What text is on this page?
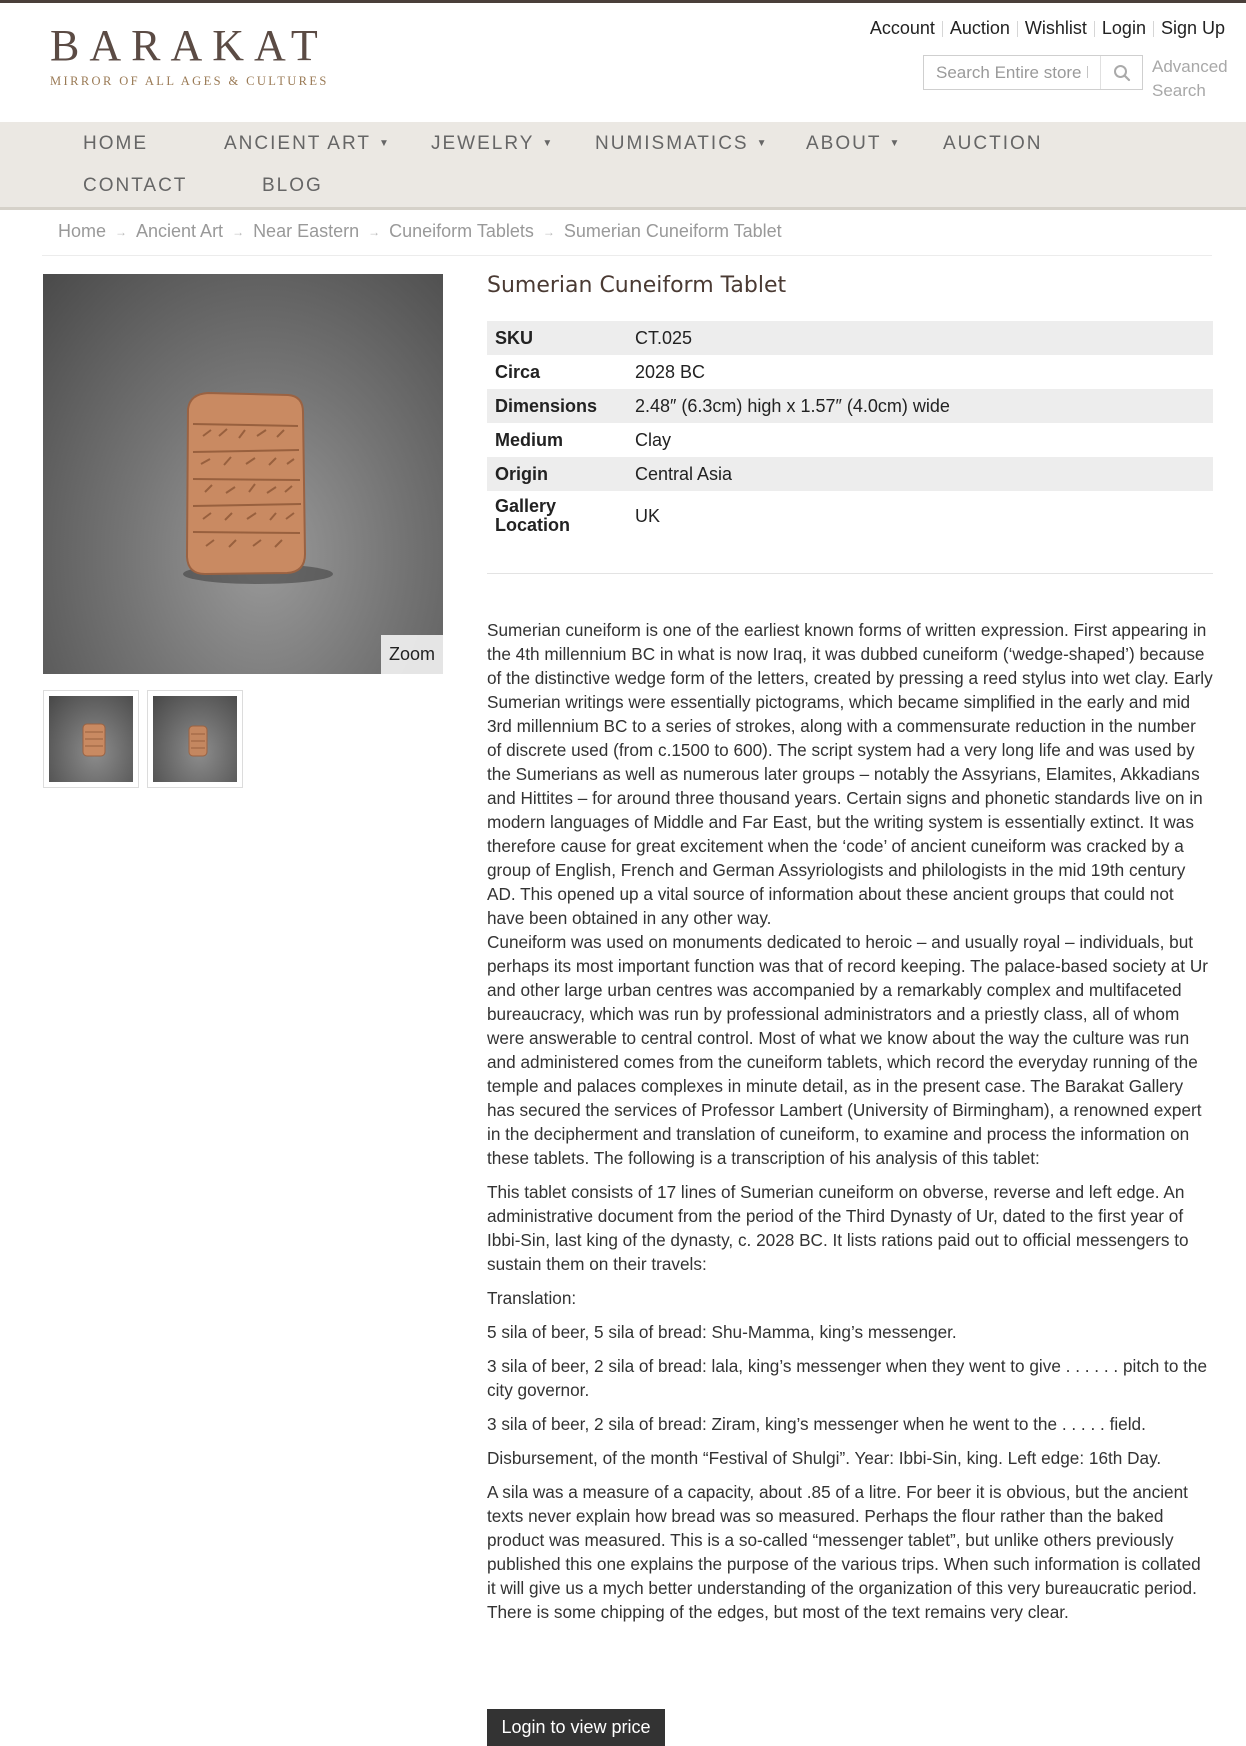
BARAKAT
MIRROR OF ALL AGES & CULTURES
Account Auction Wishlist Login Sign Up
Search Entire store here...
Advanced
Search
HOME	ANCIENT ART ▼ JEWELRY ▼ NUMISMATICS ▼ ABOUT ▼ AUCTION
CONTACT	BLOG
Home → Ancient Art → Near Eastern → Cuneiform Tablets → Sumerian Cuneiform Tablet
Zoom
Sumerian Cuneiform Tablet
SKU	CT.025
Circa	2028 BC
Dimensions	2.48″ (6.3cm) high x 1.57″ (4.0cm) wide
Medium	Clay
Origin	Central Asia
Gallery Location	UK

Sumerian cuneiform is one of the earliest known forms of written expression. First appearing in the 4th millennium BC in what is now Iraq, it was dubbed cuneiform (‘wedge-shaped’) because of the distinctive wedge form of the letters, created by pressing a reed stylus into wet clay. Early Sumerian writings were essentially pictograms, which became simplified in the early and mid 3rd millennium BC to a series of strokes, along with a commensurate reduction in the number of discrete used (from c.1500 to 600). The script system had a very long life and was used by the Sumerians as well as numerous later groups – notably the Assyrians, Elamites, Akkadians and Hittites – for around three thousand years. Certain signs and phonetic standards live on in modern languages of Middle and Far East, but the writing system is essentially extinct. It was therefore cause for great excitement when the ‘code’ of ancient cuneiform was cracked by a group of English, French and German Assyriologists and philologists in the mid 19th century AD. This opened up a vital source of information about these ancient groups that could not have been obtained in any other way.

Cuneiform was used on monuments dedicated to heroic – and usually royal – individuals, but perhaps its most important function was that of record keeping. The palace-based society at Ur and other large urban centres was accompanied by a remarkably complex and multifaceted bureaucracy, which was run by professional administrators and a priestly class, all of whom were answerable to central control. Most of what we know about the way the culture was run and administered comes from the cuneiform tablets, which record the everyday running of the temple and palaces complexes in minute detail, as in the present case. The Barakat Gallery has secured the services of Professor Lambert (University of Birmingham), a renowned expert in the decipherment and translation of cuneiform, to examine and process the information on these tablets. The following is a transcription of his analysis of this tablet:

This tablet consists of 17 lines of Sumerian cuneiform on obverse, reverse and left edge. An administrative document from the period of the Third Dynasty of Ur, dated to the first year of Ibbi-Sin, last king of the dynasty, c. 2028 BC. It lists rations paid out to official messengers to sustain them on their travels:

Translation:

5 sila of beer, 5 sila of bread: Shu-Mamma, king’s messenger.

3 sila of beer, 2 sila of bread: lala, king’s messenger when they went to give . . . . . . pitch to the city governor.

3 sila of beer, 2 sila of bread: Ziram, king’s messenger when he went to the . . . . . field.

Disbursement, of the month “Festival of Shulgi”. Year: Ibbi-Sin, king. Left edge: 16th Day.

A sila was a measure of a capacity, about .85 of a litre. For beer it is obvious, but the ancient texts never explain how bread was so measured. Perhaps the flour rather than the baked product was measured. This is a so-called “messenger tablet”, but unlike others previously published this one explains the purpose of the various trips. When such information is collated it will give us a mych better understanding of the organization of this very bureaucratic period. There is some chipping of the edges, but most of the text remains very clear.

Login to view price
